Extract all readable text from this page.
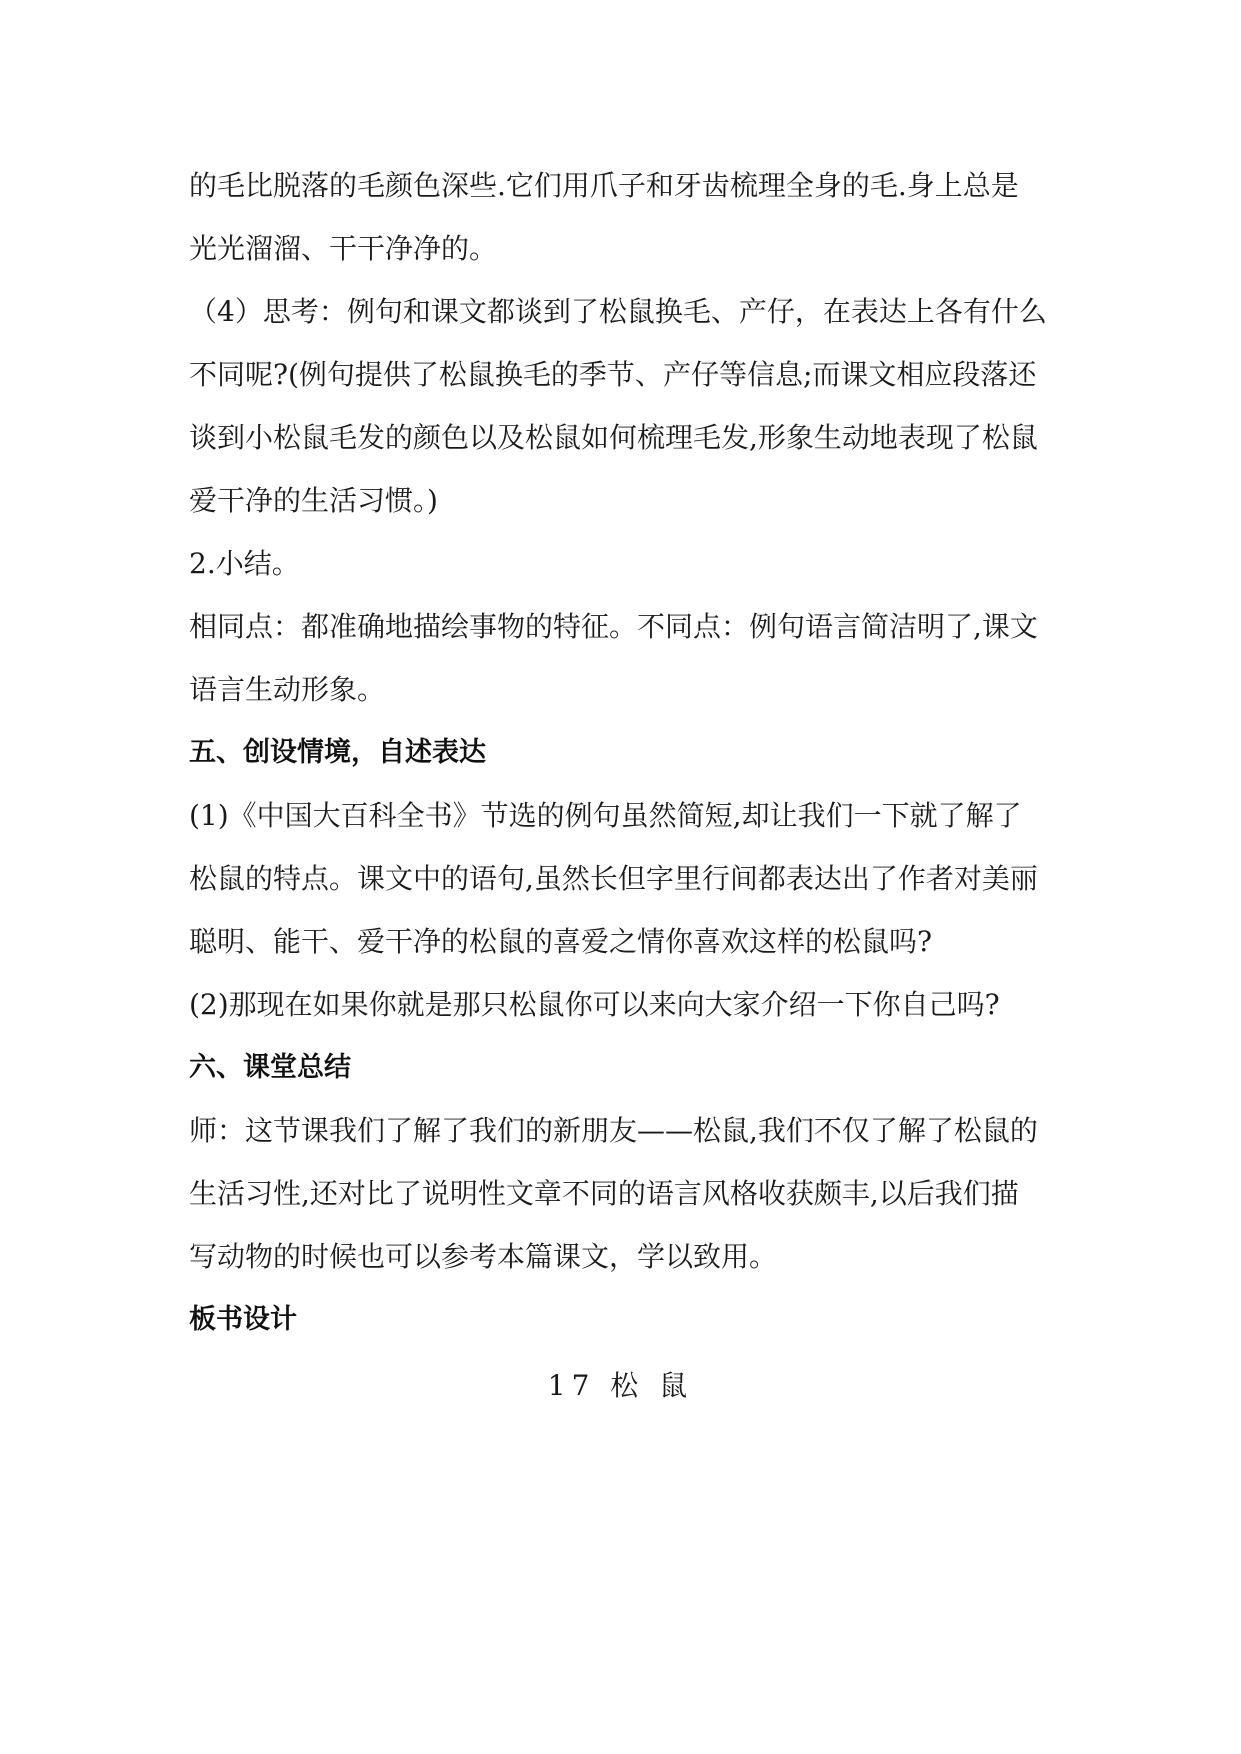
的毛比脱落的毛颜色深些.它们用爪子和牙齿梳理全身的毛.身上总是
光光溜溜、干干净净的。
（4）思考：例句和课文都谈到了松鼠换毛、产仔，在表达上各有什么
不同呢?(例句提供了松鼠换毛的季节、产仔等信息;而课文相应段落还
谈到小松鼠毛发的颜色以及松鼠如何梳理毛发,形象生动地表现了松鼠
爱干净的生活习惯。)
2.小结。
相同点：都准确地描绘事物的特征。不同点：例句语言简洁明了,课文
语言生动形象。
五、创设情境，自述表达
(1)《中国大百科全书》节选的例句虽然简短,却让我们一下就了解了
松鼠的特点。课文中的语句,虽然长但字里行间都表达出了作者对美丽
聪明、能干、爱干净的松鼠的喜爱之情你喜欢这样的松鼠吗?
(2)那现在如果你就是那只松鼠你可以来向大家介绍一下你自己吗?
六、课堂总结
师：这节课我们了解了我们的新朋友——松鼠,我们不仅了解了松鼠的
生活习性,还对比了说明性文章不同的语言风格收获颇丰,以后我们描
写动物的时候也可以参考本篇课文，学以致用。
板书设计
17 松 鼠
